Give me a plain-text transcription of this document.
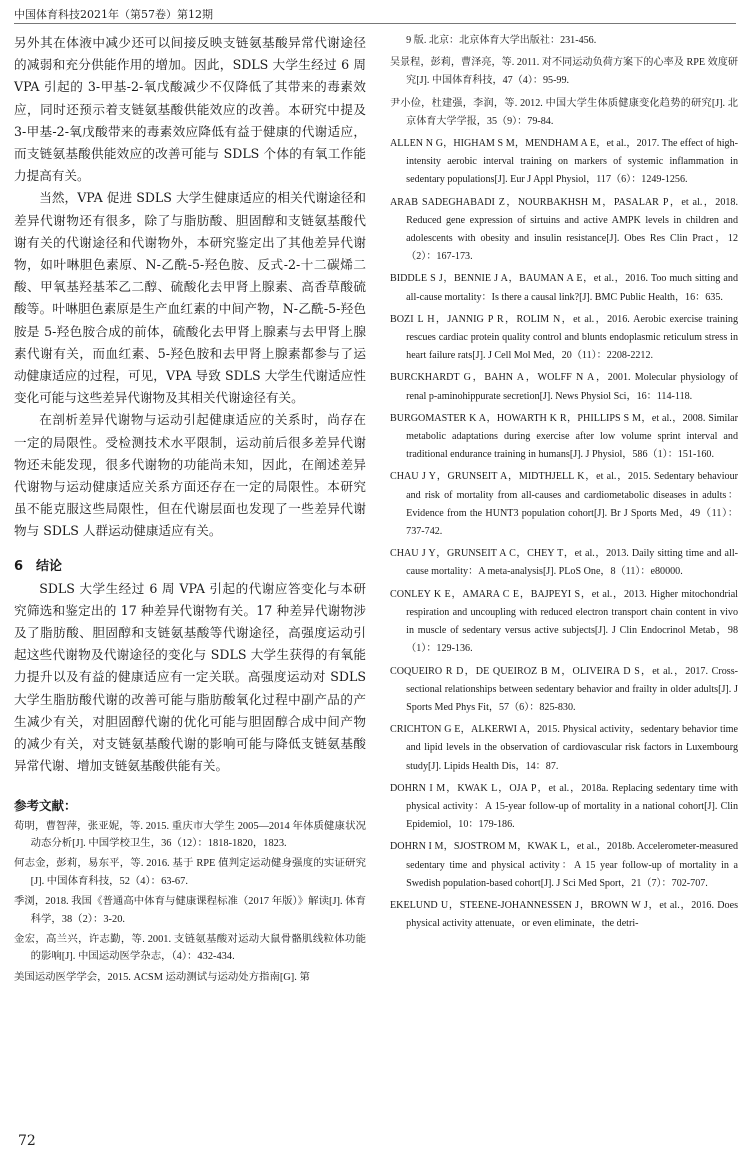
中国体育科技2021年（第57卷）第12期

另外其在体液中减少还可以间接反映支链氨基酸异常代谢途径的减弱和充分供能作用的增加。因此，SDLS 大学生经过 6 周 VPA 引起的 3-甲基-2-氧戊酸减少不仅降低了其带来的毒素效应，同时还预示着支链氨基酸供能效应的改善。本研究中提及 3-甲基-2-氧戊酸带来的毒素效应降低有益于健康的代谢适应，而支链氨基酸供能效应的改善可能与 SDLS 个体的有氧工作能力提高有关。

当然，VPA 促进 SDLS 大学生健康适应的相关代谢途径和差异代谢物还有很多，除了与脂肪酸、胆固醇和支链氨基酸代谢有关的代谢途径和代谢物外，本研究鉴定出了其他差异代谢物，如叶啉胆色素原、N-乙酰-5-羟色胺、反式-2-十二碳烯二酸、甲氧基羟基苯乙二醇、硫酸化去甲肾上腺素、高香草酸硫酸等。叶啉胆色素原是生产血红素的中间产物，N-乙酰-5-羟色胺是 5-羟色胺合成的前体，硫酸化去甲肾上腺素与去甲肾上腺素代谢有关，而血红素、5-羟色胺和去甲肾上腺素都参与了运动健康适应的过程，可见，VPA 导致 SDLS 大学生代谢适应性变化可能与这些差异代谢物及其相关代谢途径有关。

在剖析差异代谢物与运动引起健康适应的关系时，尚存在一定的局限性。受检测技术水平限制，运动前后很多差异代谢物还未能发现，很多代谢物的功能尚未知，因此，在阐述差异代谢物与运动健康适应关系方面还存在一定的局限性。本研究虽不能克服这些局限性，但在代谢层面也发现了一些差异代谢物与 SDLS 人群运动健康适应有关。

6　结论

SDLS 大学生经过 6 周 VPA 引起的代谢应答变化与本研究筛选和鉴定出的 17 种差异代谢物有关。17 种差异代谢物涉及了脂肪酸、胆固醇和支链氨基酸等代谢途径，高强度运动引起这些代谢物及代谢途径的变化与 SDLS 大学生获得的有氧能力提升以及有益的健康适应有一定关联。高强度运动对 SDLS 大学生脂肪酸代谢的改善可能与脂肪酸氧化过程中副产品的产生减少有关，对胆固醇代谢的优化可能与胆固醇合成中间产物的减少有关，对支链氨基酸代谢的影响可能与降低支链氨基酸异常代谢、增加支链氨基酸供能有关。

参考文献：

荀明，曹智萍，张亚妮，等. 2015. 重庆市大学生 2005—2014 年体质健康状况动态分析[J]. 中国学校卫生，36（12）：1818-1820，1823.

何志金，彭莉，易东平，等. 2016. 基于 RPE 值判定运动健身强度的实证研究[J]. 中国体育科技，52（4）：63-67.

季浏，2018. 我国《普通高中体育与健康课程标准（2017 年版）》解读[J]. 体育科学，38（2）：3-20.

金宏，高兰兴，许志勤，等. 2001. 支链氨基酸对运动大鼠骨骼肌线粒体功能的影响[J]. 中国运动医学杂志，（4）：432-434.

美国运动医学学会，2015. ACSM 运动测试与运动处方指南[G]. 第

9 版. 北京：北京体育大学出版社：231-456.

吴景程，彭莉，曹泽亮，等. 2011. 对不同运动负荷方案下的心率及 RPE 效度研究[J]. 中国体育科技，47（4）：95-99.

尹小俭，杜建强，李润，等. 2012. 中国大学生体质健康变化趋势的研究[J]. 北京体育大学学报，35（9）：79-84.

ALLEN N G，HIGHAM S M，MENDHAM A E，et al.，2017. The effect of high-intensity aerobic interval training on markers of systemic inflammation in sedentary populations[J]. Eur J Appl Physiol，117（6）：1249-1256.

ARAB SADEGHABADI Z，NOURBAKHSH M，PASALAR P，et al.，2018. Reduced gene expression of sirtuins and active AMPK levels in children and adolescents with obesity and insulin resistance[J]. Obes Res Clin Pract，12（2）：167-173.

BIDDLE S J，BENNIE J A，BAUMAN A E，et al.，2016. Too much sitting and all-cause mortality：Is there a causal link?[J]. BMC Public Health，16：635.

BOZI L H，JANNIG P R，ROLIM N，et al.，2016. Aerobic exercise training rescues cardiac protein quality control and blunts endoplasmic reticulum stress in heart failure rats[J]. J Cell Mol Med，20（11）：2208-2212.

BURCKHARDT G，BAHN A，WOLFF N A，2001. Molecular physiology of renal p-aminohippurate secretion[J]. News Physiol Sci，16：114-118.

BURGOMASTER K A，HOWARTH K R，PHILLIPS S M，et al.，2008. Similar metabolic adaptations during exercise after low volume sprint interval and traditional endurance training in humans[J]. J Physiol，586（1）：151-160.

CHAU J Y，GRUNSEIT A，MIDTHJELL K，et al.，2015. Sedentary behaviour and risk of mortality from all-causes and cardiometabolic diseases in adults：Evidence from the HUNT3 population cohort[J]. Br J Sports Med，49（11）：737-742.

CHAU J Y，GRUNSEIT A C，CHEY T，et al.，2013. Daily sitting time and all-cause mortality：A meta-analysis[J]. PLoS One，8（11）：e80000.

CONLEY K E，AMARA C E，BAJPEYI S，et al.，2013. Higher mitochondrial respiration and uncoupling with reduced electron transport chain content in vivo in muscle of sedentary versus active subjects[J]. J Clin Endocrinol Metab，98（1）：129-136.

COQUEIRO R D，DE QUEIROZ B M，OLIVEIRA D S，et al.，2017. Cross-sectional relationships between sedentary behavior and frailty in older adults[J]. J Sports Med Phys Fit，57（6）：825-830.

CRICHTON G E，ALKERWI A，2015. Physical activity，sedentary behavior time and lipid levels in the observation of cardiovascular risk factors in Luxembourg study[J]. Lipids Health Dis，14：87.

DOHRN I M，KWAK L，OJA P，et al.，2018a. Replacing sedentary time with physical activity：A 15-year follow-up of mortality in a national cohort[J]. Clin Epidemiol，10：179-186.

DOHRN I M，SJOSTROM M，KWAK L，et al.，2018b. Accelerometer-measured sedentary time and physical activity：A 15 year follow-up of mortality in a Swedish population-based cohort[J]. J Sci Med Sport，21（7）：702-707.

EKELUND U，STEENE-JOHANNESSEN J，BROWN W J，et al.，2016. Does physical activity attenuate，or even eliminate，the detri-

72
